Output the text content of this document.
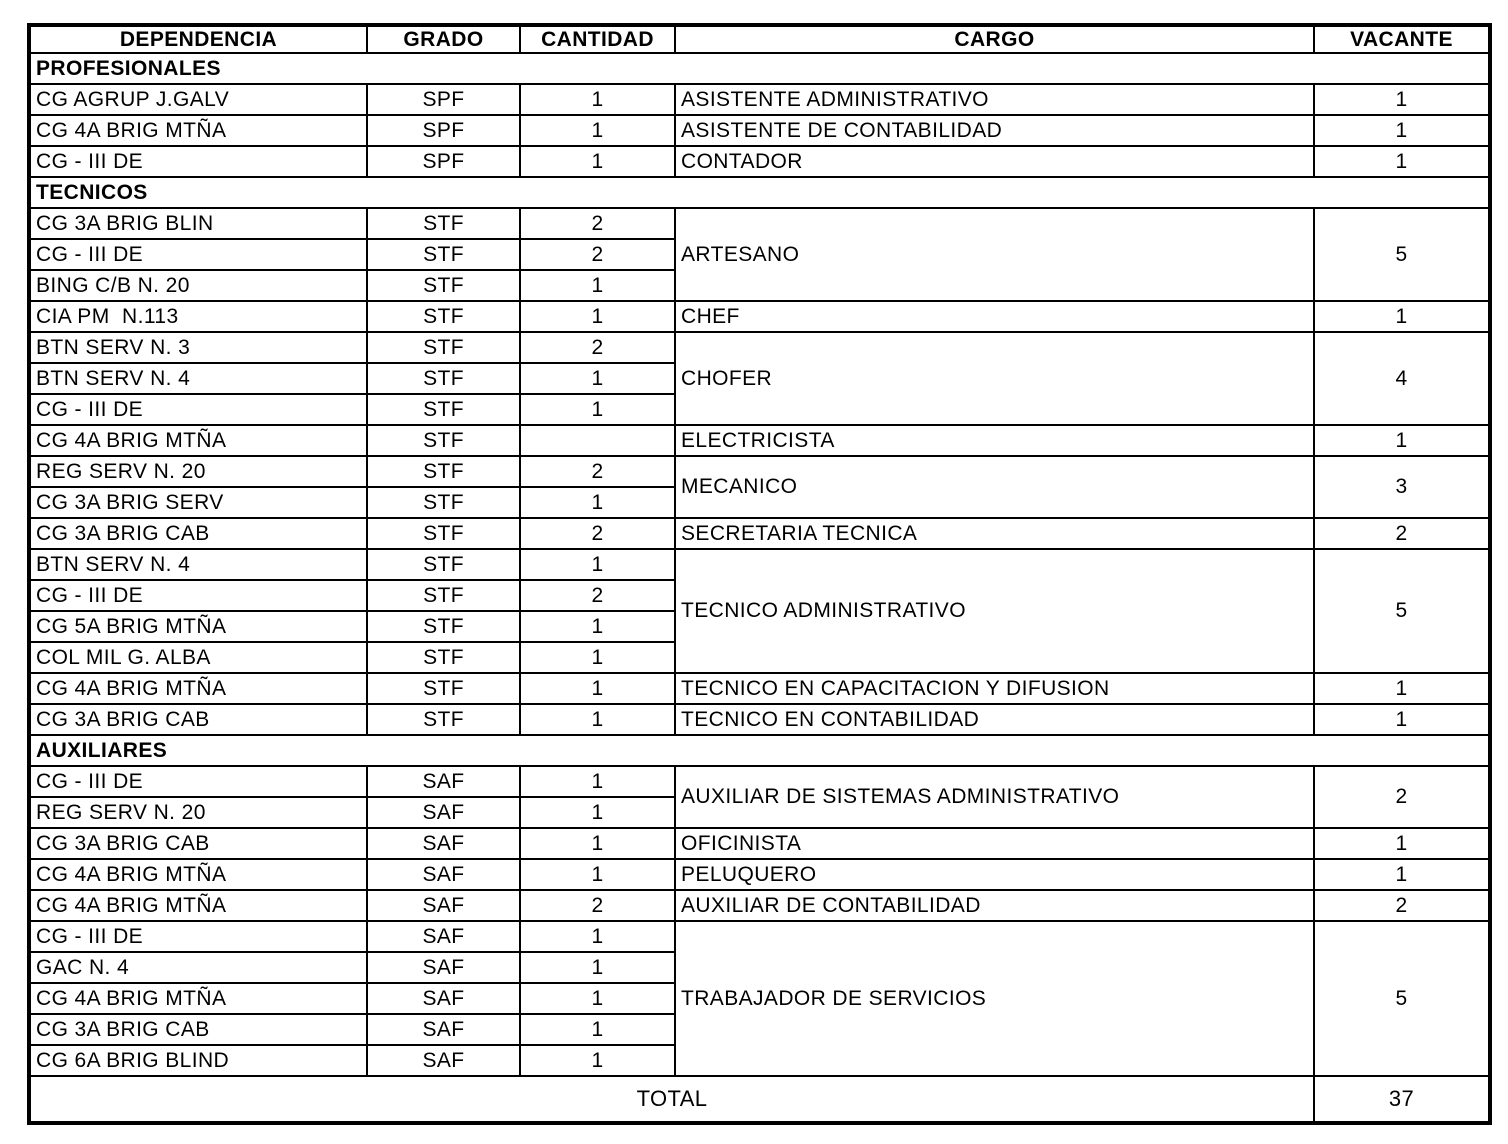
DEPENDENCIA	GRADO	CANTIDAD	CARGO	VACANTE
PROFESIONALES				
CG AGRUP J.GALV	SPF	1	ASISTENTE ADMINISTRATIVO	1
CG 4A BRIG MTÑA	SPF	1	ASISTENTE DE CONTABILIDAD	1
CG - III DE	SPF	1	CONTADOR	1
TECNICOS				
CG 3A BRIG BLIN	STF	2	ARTESANO	5
CG - III DE	STF	2		
BING C/B N. 20	STF	1		
CIA PM  N.113	STF	1	CHEF	1
BTN SERV N. 3	STF	2	CHOFER	4
BTN SERV N. 4	STF	1		
CG - III DE	STF	1		
CG 4A BRIG MTÑA	STF		ELECTRICISTA	1
REG SERV N. 20	STF	2	MECANICO	3
CG 3A BRIG SERV	STF	1		
CG 3A BRIG CAB	STF	2	SECRETARIA TECNICA	2
BTN SERV N. 4	STF	1	TECNICO ADMINISTRATIVO	5
CG - III DE	STF	2		
CG 5A BRIG MTÑA	STF	1		
COL MIL G. ALBA	STF	1		
CG 4A BRIG MTÑA	STF	1	TECNICO EN CAPACITACION Y DIFUSION	1
CG 3A BRIG CAB	STF	1	TECNICO EN CONTABILIDAD	1
AUXILIARES				
CG - III DE	SAF	1	AUXILIAR DE SISTEMAS ADMINISTRATIVO	2
REG SERV N. 20	SAF	1		
CG 3A BRIG CAB	SAF	1	OFICINISTA	1
CG 4A BRIG MTÑA	SAF	1	PELUQUERO	1
CG 4A BRIG MTÑA	SAF	2	AUXILIAR DE CONTABILIDAD	2
CG - III DE	SAF	1	TRABAJADOR DE SERVICIOS	5
GAC N. 4	SAF	1		
CG 4A BRIG MTÑA	SAF	1		
CG 3A BRIG CAB	SAF	1		
CG 6A BRIG BLIND	SAF	1		
TOTAL				37
